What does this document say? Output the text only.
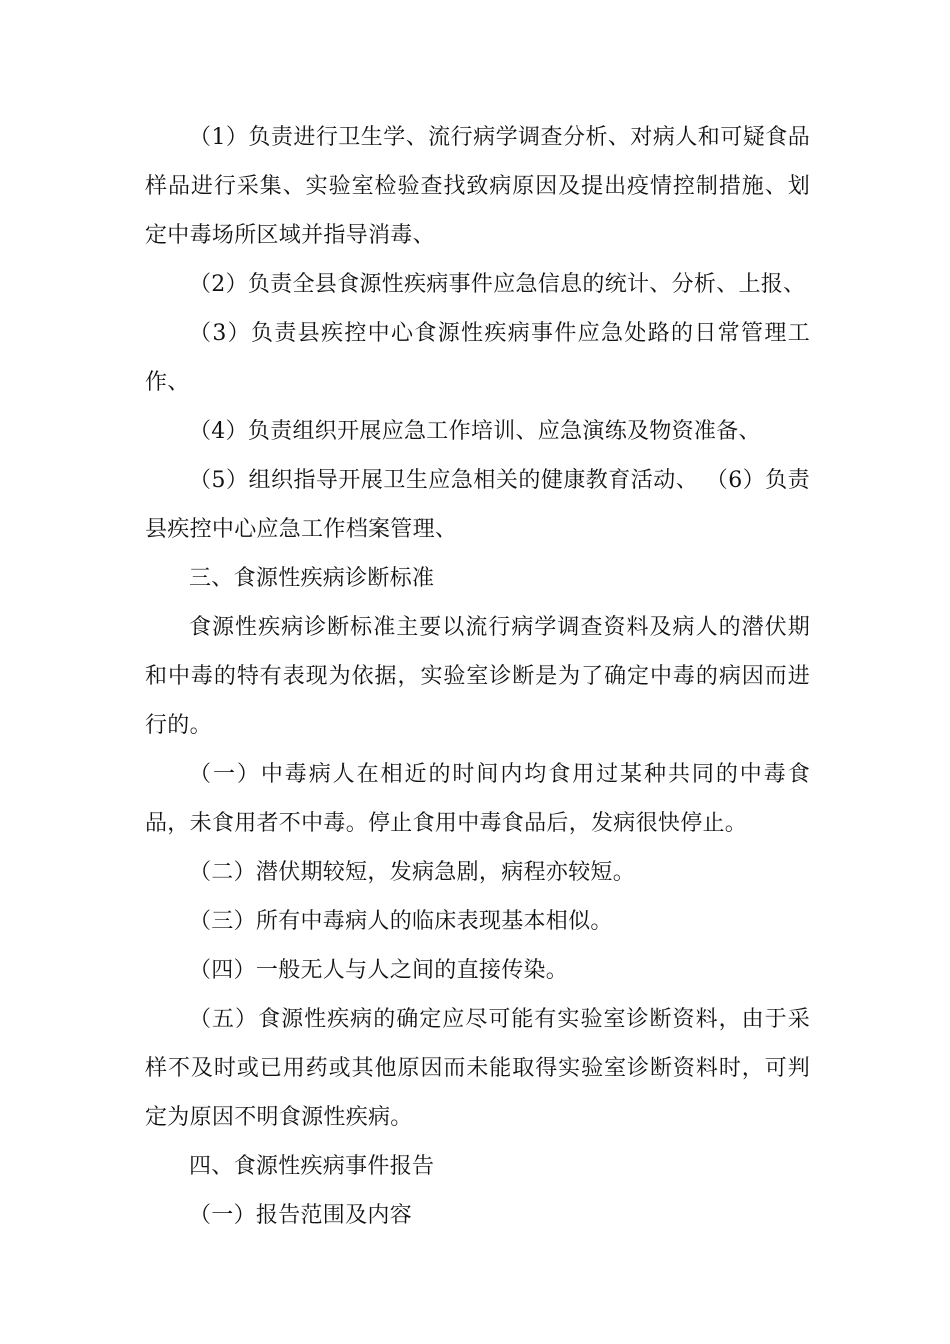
（1）负责进行卫生学、流行病学调查分析、对病人和可疑食品样品进行采集、实验室检验查找致病原因及提出疫情控制措施、划定中毒场所区域并指导消毒、

（2）负责全县食源性疾病事件应急信息的统计、分析、上报、

（3）负责县疾控中心食源性疾病事件应急处路的日常管理工作、

（4）负责组织开展应急工作培训、应急演练及物资准备、

（5）组织指导开展卫生应急相关的健康教育活动、 （6）负责县疾控中心应急工作档案管理、

三、食源性疾病诊断标准

食源性疾病诊断标准主要以流行病学调查资料及病人的潜伏期和中毒的特有表现为依据，实验室诊断是为了确定中毒的病因而进行的。

（一）中毒病人在相近的时间内均食用过某种共同的中毒食品，未食用者不中毒。停止食用中毒食品后，发病很快停止。

（二）潜伏期较短，发病急剧，病程亦较短。

（三）所有中毒病人的临床表现基本相似。

（四）一般无人与人之间的直接传染。

（五）食源性疾病的确定应尽可能有实验室诊断资料，由于采样不及时或已用药或其他原因而未能取得实验室诊断资料时，可判定为原因不明食源性疾病。

四、食源性疾病事件报告

（一）报告范围及内容
